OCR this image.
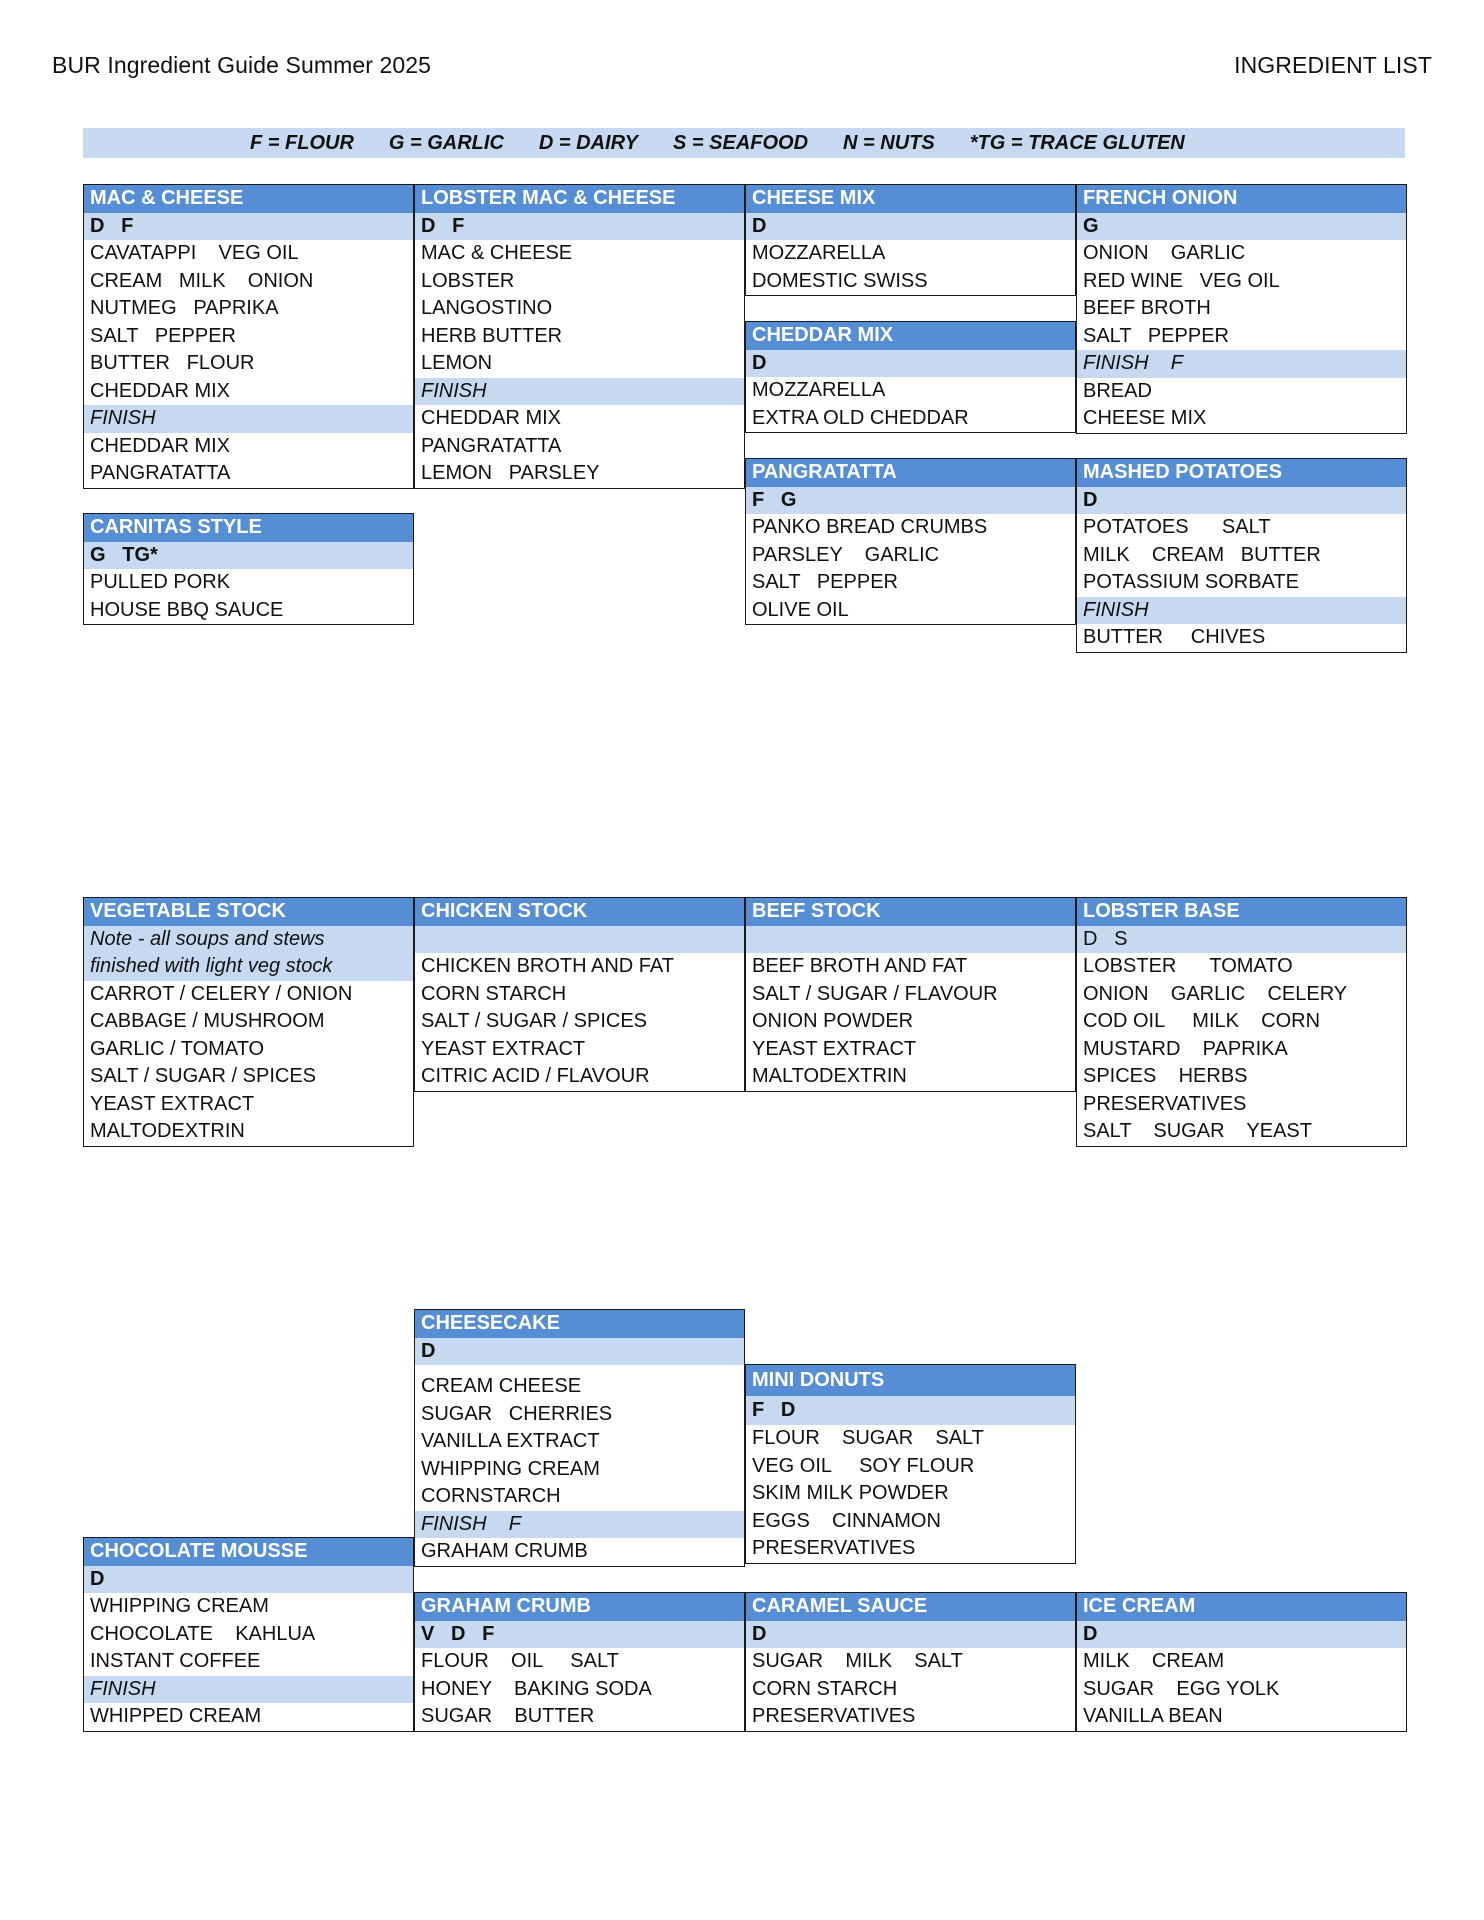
BUR Ingredient Guide Summer 2025	INGREDIENT LIST
F = FLOUR G = GARLIC D = DAIRY S = SEAFOOD N = NUTS *TG = TRACE GLUTEN
MAC & CHEESE
D   F
CAVATAPPI    VEG OIL
CREAM   MILK    ONION
NUTMEG   PAPRIKA
SALT   PEPPER
BUTTER   FLOUR
CHEDDAR MIX
FINISH
CHEDDAR MIX
PANGRATATTA
LOBSTER MAC & CHEESE
D   F
MAC & CHEESE
LOBSTER
LANGOSTINO
HERB BUTTER
LEMON
FINISH
CHEDDAR MIX
PANGRATATTA
LEMON   PARSLEY
CHEESE MIX
D
MOZZARELLA
DOMESTIC SWISS
CHEDDAR MIX
D
MOZZARELLA
EXTRA OLD CHEDDAR
FRENCH ONION
G
ONION    GARLIC
RED WINE   VEG OIL
BEEF BROTH
SALT   PEPPER
FINISH    F
BREAD
CHEESE MIX
CARNITAS STYLE
G   TG*
PULLED PORK
HOUSE BBQ SAUCE
PANGRATATTA
F   G
PANKO BREAD CRUMBS
PARSLEY    GARLIC
SALT   PEPPER
OLIVE OIL
MASHED POTATOES
D
POTATOES      SALT
MILK    CREAM   BUTTER
POTASSIUM SORBATE
FINISH
BUTTER     CHIVES
VEGETABLE STOCK
Note - all soups and stews
finished with light veg stock
CARROT / CELERY / ONION
CABBAGE / MUSHROOM
GARLIC / TOMATO
SALT / SUGAR / SPICES
YEAST EXTRACT
MALTODEXTRIN
CHICKEN STOCK
CHICKEN BROTH AND FAT
CORN STARCH
SALT / SUGAR / SPICES
YEAST EXTRACT
CITRIC ACID / FLAVOUR
BEEF STOCK
BEEF BROTH AND FAT
SALT / SUGAR / FLAVOUR
ONION POWDER
YEAST EXTRACT
MALTODEXTRIN
LOBSTER BASE
D   S
LOBSTER      TOMATO
ONION    GARLIC    CELERY
COD OIL     MILK    CORN
MUSTARD    PAPRIKA
SPICES    HERBS
PRESERVATIVES
SALT    SUGAR    YEAST
CHEESECAKE
D
CREAM CHEESE
SUGAR   CHERRIES
VANILLA EXTRACT
WHIPPING CREAM
CORNSTARCH
FINISH    F
GRAHAM CRUMB
MINI DONUTS
F   D
FLOUR    SUGAR    SALT
VEG OIL     SOY FLOUR
SKIM MILK POWDER
EGGS    CINNAMON
PRESERVATIVES
CHOCOLATE MOUSSE
D
WHIPPING CREAM
CHOCOLATE    KAHLUA
INSTANT COFFEE
FINISH
WHIPPED CREAM
GRAHAM CRUMB
V   D   F
FLOUR    OIL     SALT
HONEY    BAKING SODA
SUGAR    BUTTER
CARAMEL SAUCE
D
SUGAR    MILK    SALT
CORN STARCH
PRESERVATIVES
ICE CREAM
D
MILK    CREAM
SUGAR    EGG YOLK
VANILLA BEAN
